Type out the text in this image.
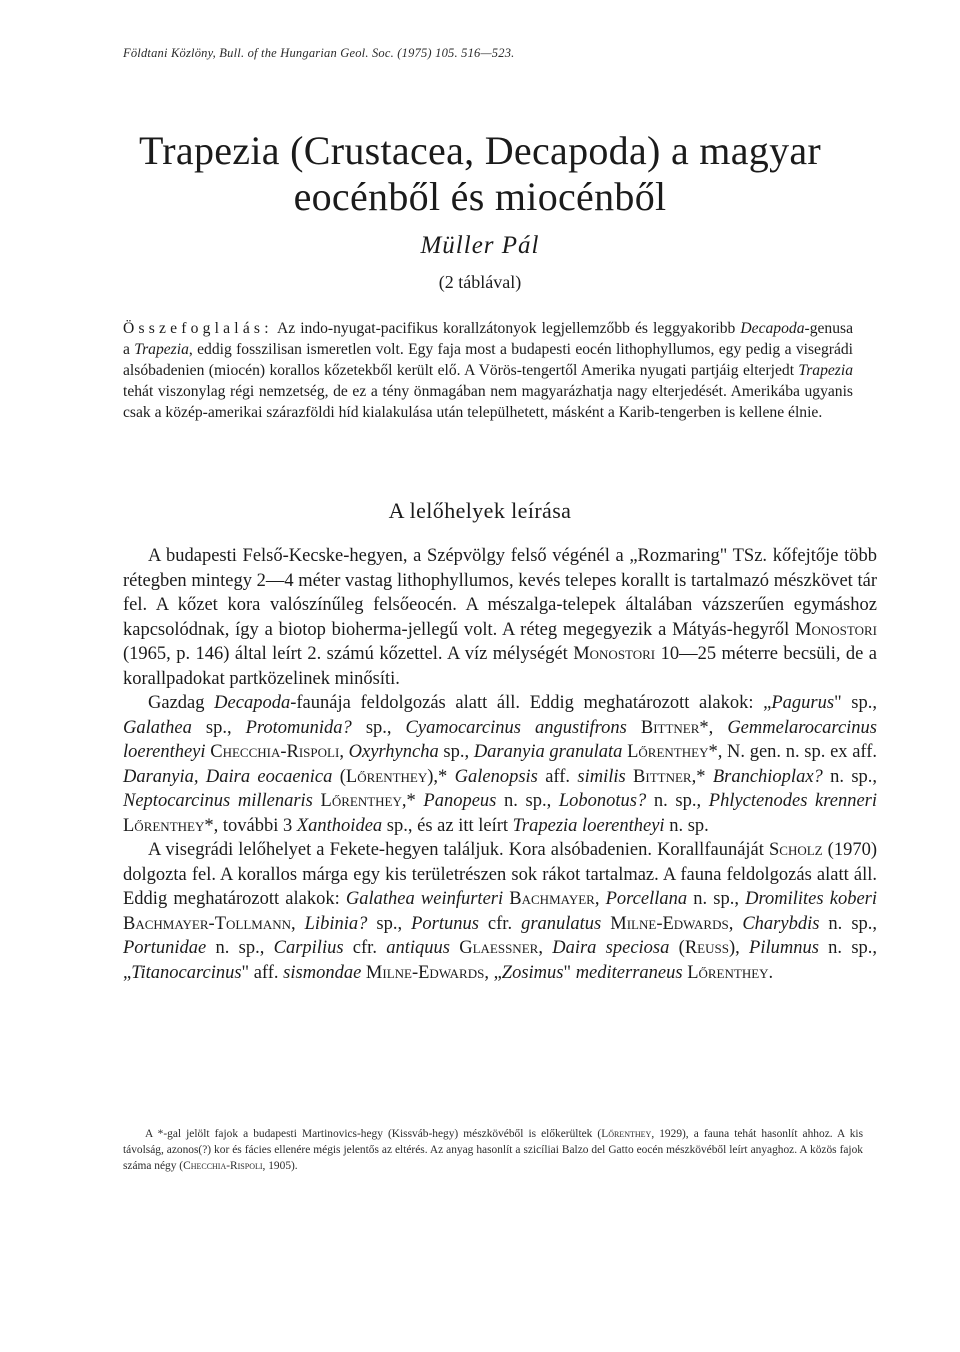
Földtani Közlöny, Bull. of the Hungarian Geol. Soc. (1975) 105. 516—523.
Trapezia (Crustacea, Decapoda) a magyar
eocénből és miocénből
Müller Pál
(2 táblával)
Összefoglalás: Az indo-nyugat-pacifikus korallzátonyok legjellemzőbb és leggyakoribb Decapoda-genusa a Trapezia, eddig fosszilisan ismeretlen volt. Egy faja most a budapesti eocén lithophyllumos, egy pedig a visegrádi alsóbadenien (miocén) korallos kőzetekből került elő. A Vörös-tengertől Amerika nyugati partjáig elterjedt Trapezia tehát viszonylag régi nemzetség, de ez a tény önmagában nem magyarázhatja nagy elterjedését. Amerikába ugyanis csak a közép-amerikai szárazföldi híd kialakulása után települhetett, másként a Karib-tengerben is kellene élnie.
A lelőhelyek leírása

A budapesti Felső-Kecske-hegyen, a Szépvölgy felső végénél a „Rozmaring" TSz. kőfejtője több rétegben mintegy 2—4 méter vastag lithophyllumos, kevés telepes korallt is tartalmazó mészkövet tár fel. A kőzet kora valószínűleg felsőeocén. A mészalga-telepek általában vázszerűen egymáshoz kapcsolódnak, így a biotop bioherma-jellegű volt. A réteg megegyezik a Mátyás-hegyről Monostori (1965, p. 146) által leírt 2. számú kőzettel. A víz mélységét Monostori 10—25 méterre becsüli, de a korallpadokat partközelinek minősíti.

Gazdag Decapoda-faunája feldolgozás alatt áll. Eddig meghatározott alakok: „Pagurus" sp., Galathea sp., Protomunida? sp., Cyamocarcinus angustifrons Bittner*, Gemmelarocarcinus loerentheyi Checchia-Rispoli, Oxyrhyncha sp., Daranyia granulata Lőrenthey*, N. gen. n. sp. ex aff. Daranyia, Daira eocaenica (Lőrenthey),* Galenopsis aff. similis Bittner,* Branchioplax? n. sp., Neptocarcinus millenaris Lőrenthey,* Panopeus n. sp., Lobonotus? n. sp., Phlyctenodes krenneri Lőrenthey*, további 3 Xanthoidea sp., és az itt leírt Trapezia loerentheyi n. sp.

A visegrádi lelőhelyet a Fekete-hegyen találjuk. Kora alsóbadenien. Korallfaunáját Scholz (1970) dolgozta fel. A korallos márga egy kis területrészen sok rákot tartalmaz. A fauna feldolgozás alatt áll. Eddig meghatározott alakok: Galathea weinfurteri Bachmayer, Porcellana n. sp., Dromilites koberi Bachmayer-Tollmann, Libinia? sp., Portunus cfr. granulatus Milne-Edwards, Charybdis n. sp., Portunidae n. sp., Carpilius cfr. antiquus Glaessner, Daira speciosa (Reuss), Pilumnus n. sp., „Titanocarcinus" aff. sismondae Milne-Edwards, „Zosimus" mediterraneus Lőrenthey.

A *-gal jelölt fajok a budapesti Martinovics-hegy (Kissváb-hegy) mészkövéből is előkerültek (Lőrenthey, 1929), a fauna tehát hasonlít ahhoz. A kis távolság, azonos(?) kor és fácies ellenére mégis jelentős az eltérés. Az anyag hasonlít a szicíliai Balzo del Gatto eocén mészkövéből leírt anyaghoz. A közös fajok száma négy (Checchia-Rispoli, 1905).
